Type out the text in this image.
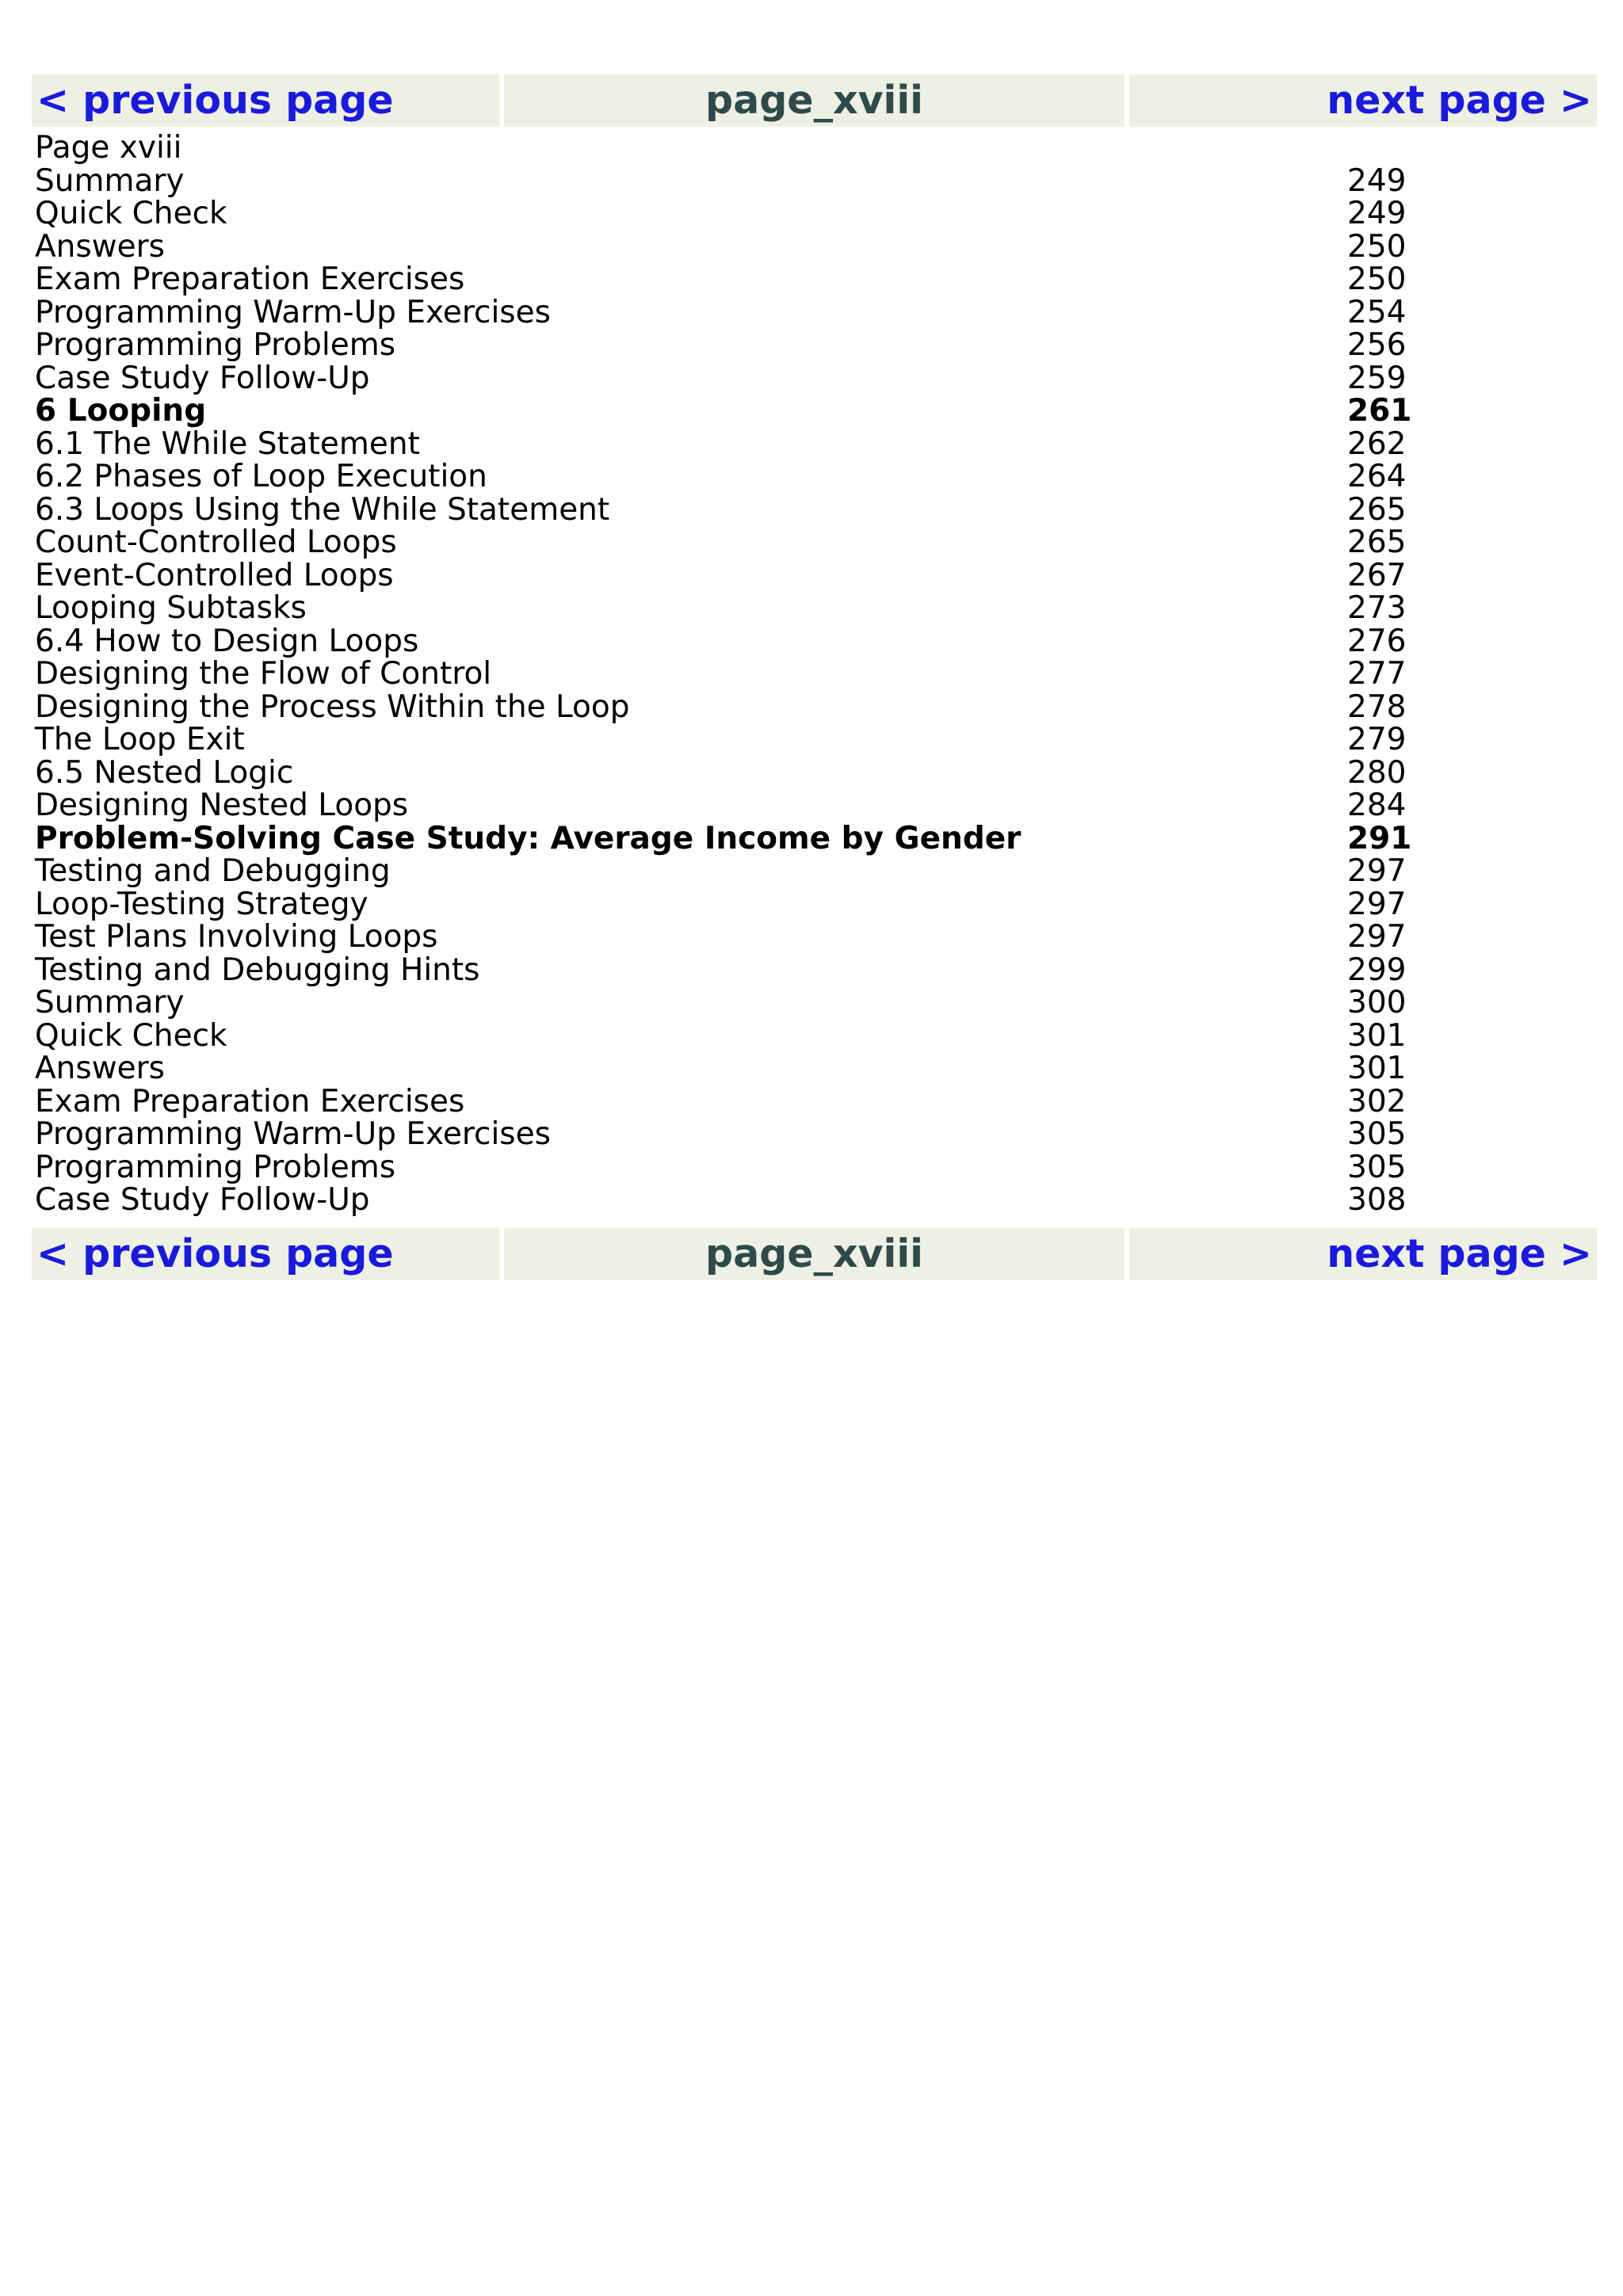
< previous page	page_xviii	next page >
Page xviii
Summary	249
Quick Check	249
Answers	250
Exam Preparation Exercises	250
Programming Warm-Up Exercises	254
Programming Problems	256
Case Study Follow-Up	259
6 Looping	261
6.1 The While Statement	262
6.2 Phases of Loop Execution	264
6.3 Loops Using the While Statement	265
Count-Controlled Loops	265
Event-Controlled Loops	267
Looping Subtasks	273
6.4 How to Design Loops	276
Designing the Flow of Control	277
Designing the Process Within the Loop	278
The Loop Exit	279
6.5 Nested Logic	280
Designing Nested Loops	284
Problem-Solving Case Study: Average Income by Gender	291
Testing and Debugging	297
Loop-Testing Strategy	297
Test Plans Involving Loops	297
Testing and Debugging Hints	299
Summary	300
Quick Check	301
Answers	301
Exam Preparation Exercises	302
Programming Warm-Up Exercises	305
Programming Problems	305
Case Study Follow-Up	308
< previous page	page_xviii	next page >
